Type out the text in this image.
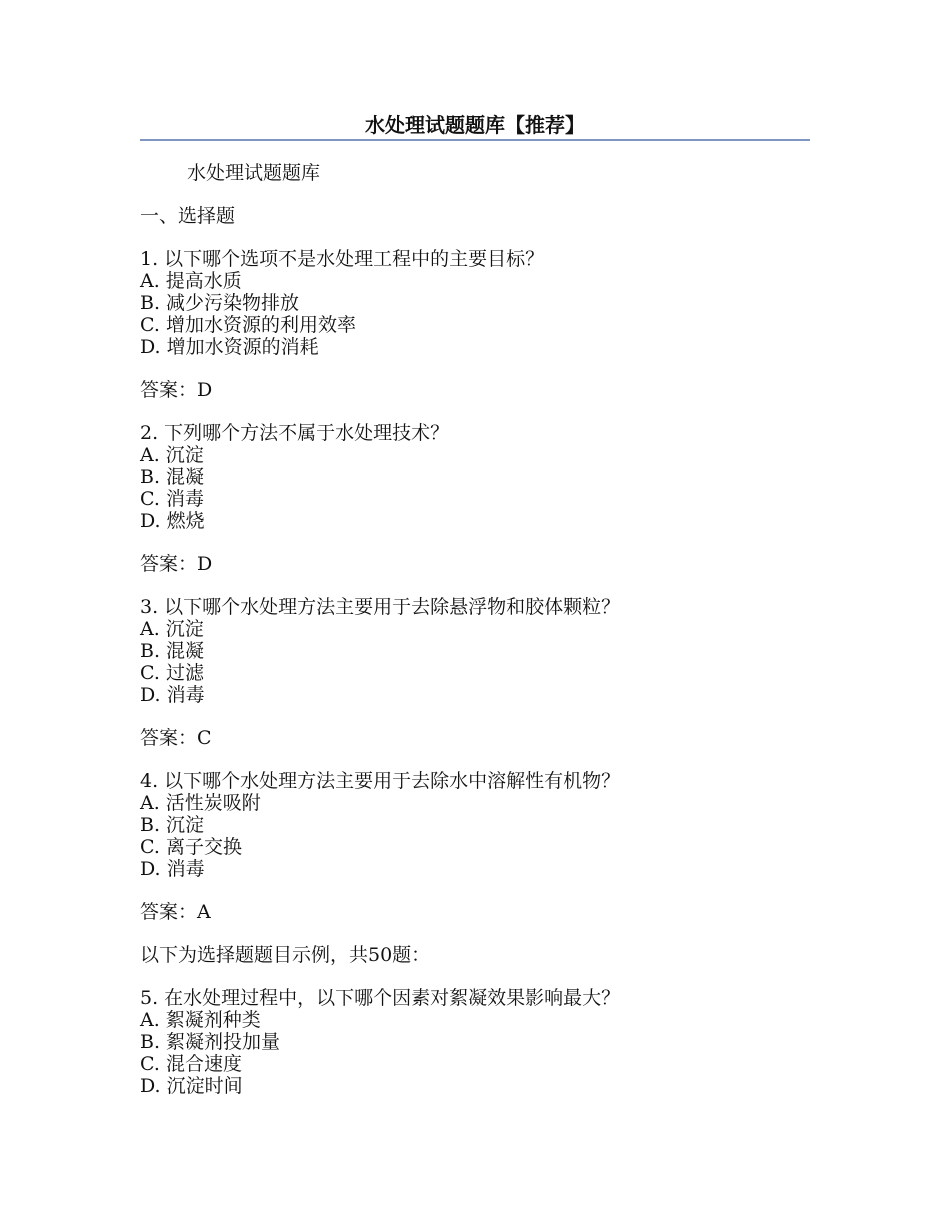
水处理试题题库【推荐】
水处理试题题库
一、选择题
1. 以下哪个选项不是水处理工程中的主要目标？
A. 提高水质
B. 减少污染物排放
C. 增加水资源的利用效率
D. 增加水资源的消耗
答案：D
2. 下列哪个方法不属于水处理技术？
A. 沉淀
B. 混凝
C. 消毒
D. 燃烧
答案：D
3. 以下哪个水处理方法主要用于去除悬浮物和胶体颗粒？
A. 沉淀
B. 混凝
C. 过滤
D. 消毒
答案：C
4. 以下哪个水处理方法主要用于去除水中溶解性有机物？
A. 活性炭吸附
B. 沉淀
C. 离子交换
D. 消毒
答案：A
以下为选择题题目示例，共50题：
5. 在水处理过程中，以下哪个因素对絮凝效果影响最大？
A. 絮凝剂种类
B. 絮凝剂投加量
C. 混合速度
D. 沉淀时间
